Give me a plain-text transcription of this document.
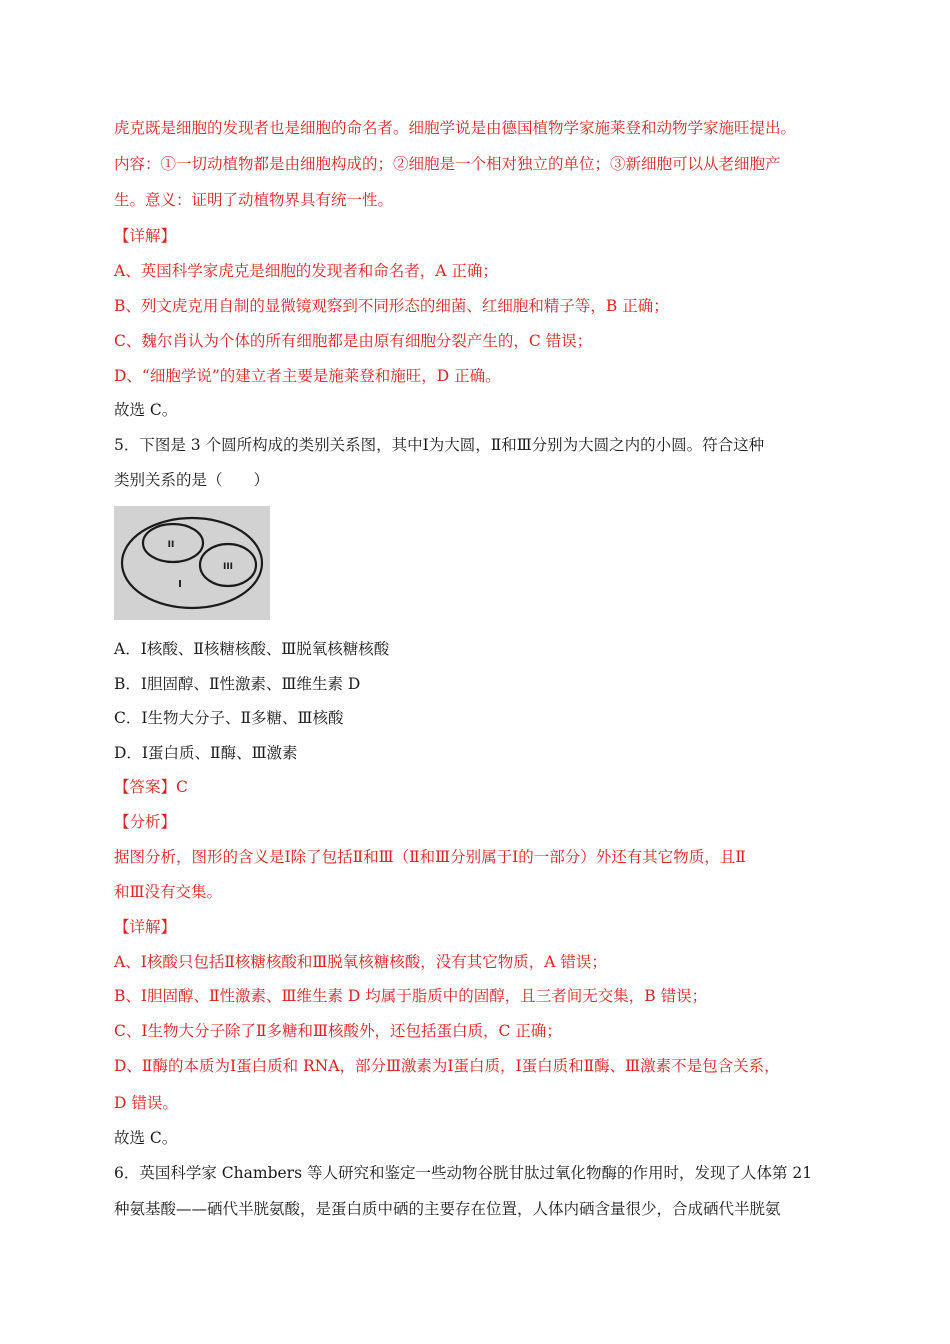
虎克既是细胞的发现者也是细胞的命名者。细胞学说是由德国植物学家施莱登和动物学家施旺提出。
内容：①一切动植物都是由细胞构成的；②细胞是一个相对独立的单位；③新细胞可以从老细胞产
生。意义：证明了动植物界具有统一性。
【详解】
A、英国科学家虎克是细胞的发现者和命名者，A 正确；
B、列文虎克用自制的显微镜观察到不同形态的细菌、红细胞和精子等，B 正确；
C、魏尔肖认为个体的所有细胞都是由原有细胞分裂产生的，C 错误；
D、“细胞学说”的建立者主要是施莱登和施旺，D 正确。
故选 C。
5．下图是 3 个圆所构成的类别关系图，其中Ⅰ为大圆，Ⅱ和Ⅲ分别为大圆之内的小圆。符合这种
类别关系的是（　　）
II
III
I
A．Ⅰ核酸、Ⅱ核糖核酸、Ⅲ脱氧核糖核酸
B．Ⅰ胆固醇、Ⅱ性激素、Ⅲ维生素 D
C．Ⅰ生物大分子、Ⅱ多糖、Ⅲ核酸
D．Ⅰ蛋白质、Ⅱ酶、Ⅲ激素
【答案】C
【分析】
据图分析，图形的含义是Ⅰ除了包括Ⅱ和Ⅲ（Ⅱ和Ⅲ分别属于Ⅰ的一部分）外还有其它物质，且Ⅱ
和Ⅲ没有交集。
【详解】
A、Ⅰ核酸只包括Ⅱ核糖核酸和Ⅲ脱氧核糖核酸，没有其它物质，A 错误；
B、Ⅰ胆固醇、Ⅱ性激素、Ⅲ维生素 D 均属于脂质中的固醇，且三者间无交集，B 错误；
C、Ⅰ生物大分子除了Ⅱ多糖和Ⅲ核酸外，还包括蛋白质，C 正确；
D、Ⅱ酶的本质为Ⅰ蛋白质和 RNA，部分Ⅲ激素为Ⅰ蛋白质，Ⅰ蛋白质和Ⅱ酶、Ⅲ激素不是包含关系，
D 错误。
故选 C。
6．英国科学家 Chambers 等人研究和鉴定一些动物谷胱甘肽过氧化物酶的作用时，发现了人体第 21
种氨基酸——硒代半胱氨酸，是蛋白质中硒的主要存在位置，人体内硒含量很少，合成硒代半胱氨
